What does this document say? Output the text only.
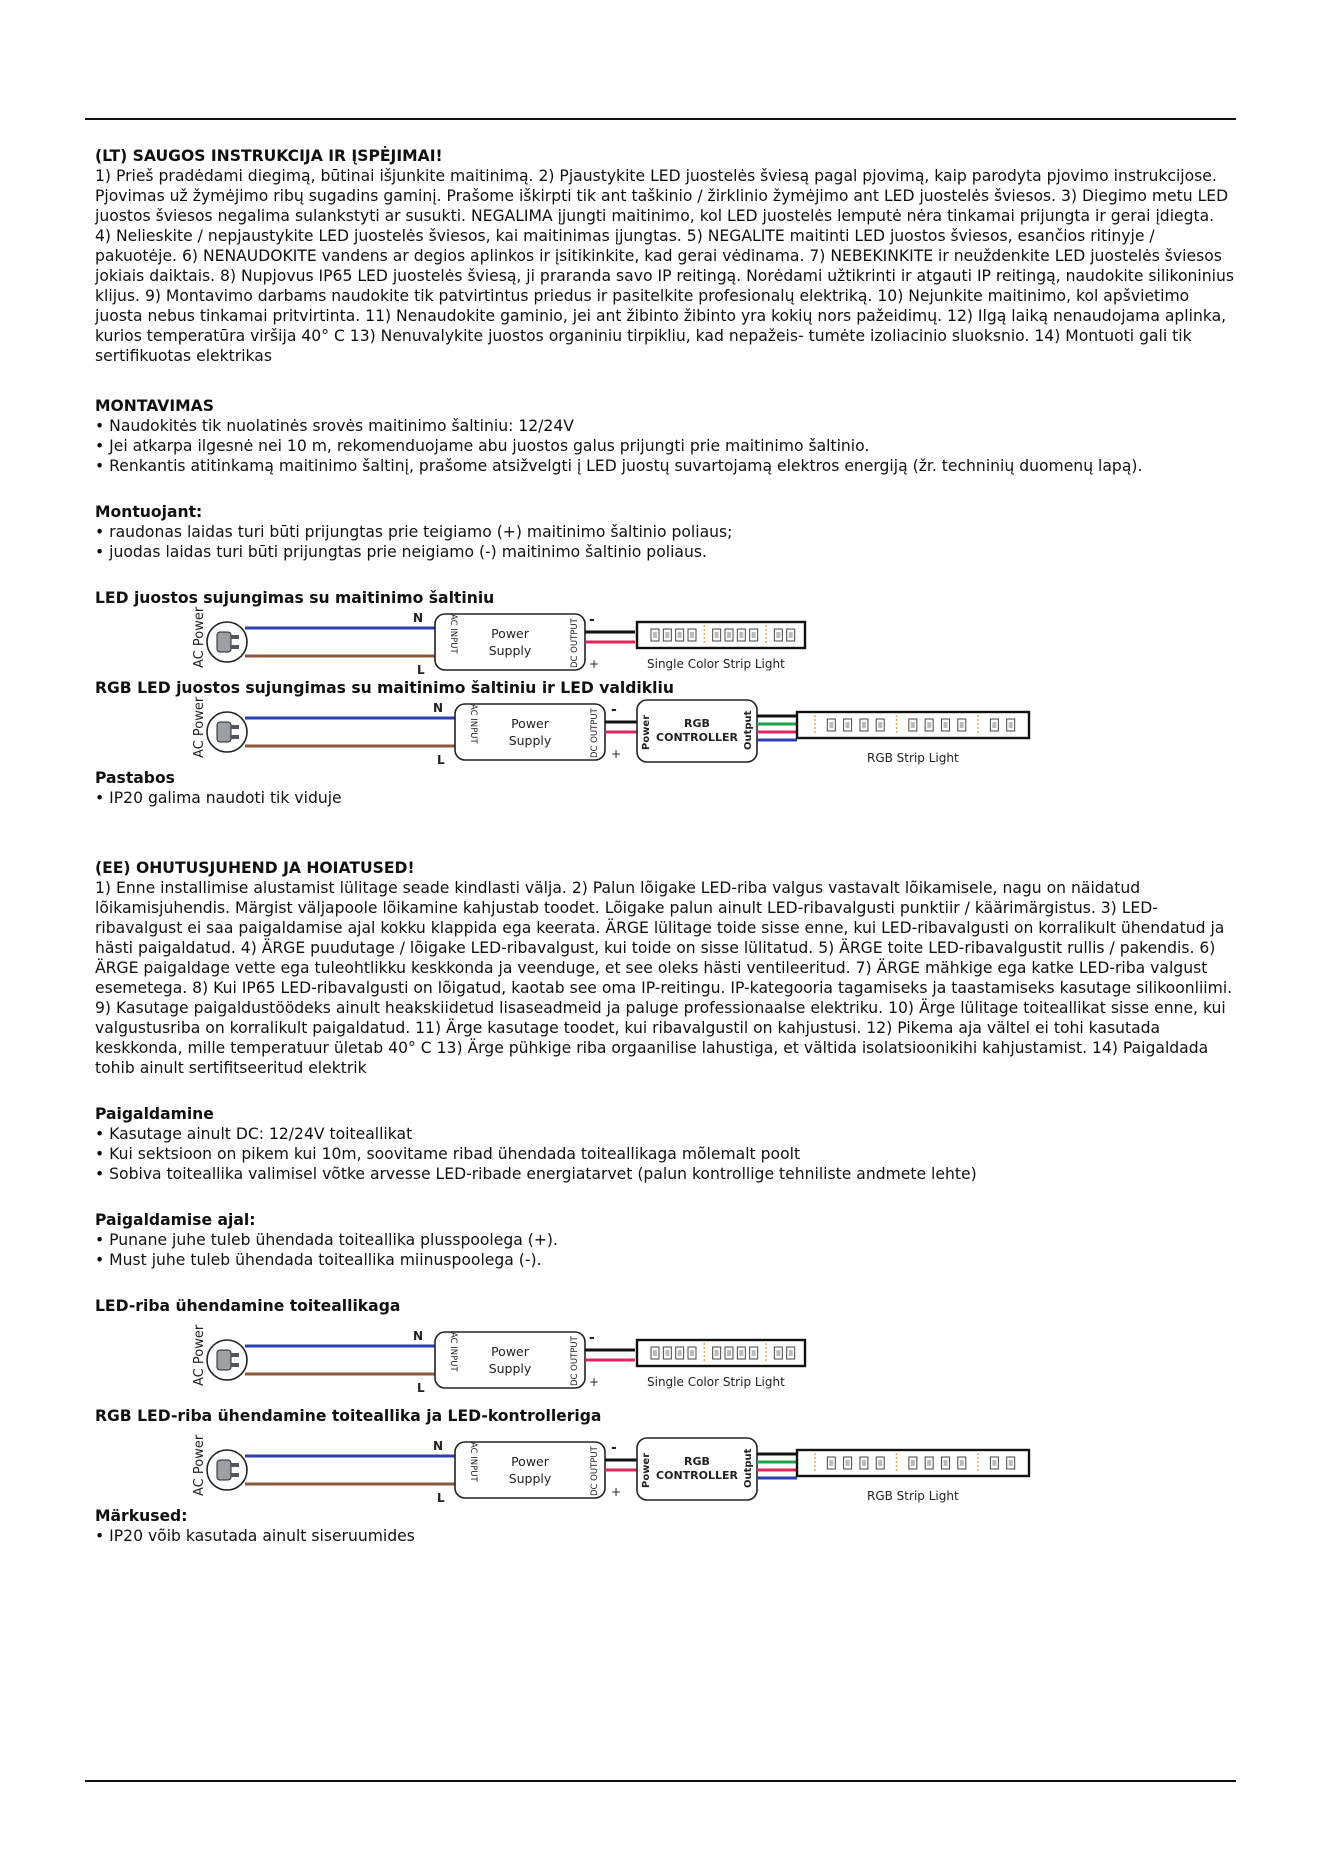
(LT) SAUGOS INSTRUKCIJA IR ĮSPĖJIMAI!

1) Prieš pradėdami diegimą, būtinai išjunkite maitinimą. 2) Pjaustykite LED juostelės šviesą pagal pjovimą, kaip parodyta pjovimo instrukcijose. Pjovimas už žymėjimo ribų sugadins gaminį. Prašome iškirpti tik ant taškinio / žirklinio žymėjimo ant LED juostelės šviesos. 3) Diegimo metu LED juostos šviesos negalima sulankstyti ar susukti. NEGALIMA įjungti maitinimo, kol LED juostelės lemputė nėra tinkamai prijungta ir gerai įdiegta. 4) Nelieskite / nepjaustykite LED juostelės šviesos, kai maitinimas įjungtas. 5) NEGALITE maitinti LED juostos šviesos, esančios ritinyje / pakuotėje. 6) NENAUDOKITE vandens ar degios aplinkos ir įsitikinkite, kad gerai vėdinama. 7) NEBEKINKITE ir neuždenkite LED juostelės šviesos jokiais daiktais. 8) Nupjovus IP65 LED juostelės šviesą, ji praranda savo IP reitingą. Norėdami užtikrinti ir atgauti IP reitingą, naudokite silikoninius klijus. 9) Montavimo darbams naudokite tik patvirtintus priedus ir pasitelkite profesionalų elektriką. 10) Nejunkite maitinimo, kol apšvietimo juosta nebus tinkamai pritvirtinta. 11) Nenaudokite gaminio, jei ant žibinto žibinto yra kokių nors pažeidimų. 12) Ilgą laiką nenaudojama aplinka, kurios temperatūra viršija 40° C 13) Nenuvalykite juostos organiniu tirpikliu, kad nepažeis- tumėte izoliacinio sluoksnio. 14) Montuoti gali tik sertifikuotas elektrikas

MONTAVIMAS

• Naudokitės tik nuolatinės srovės maitinimo šaltiniu: 12/24V
• Jei atkarpa ilgesnė nei 10 m, rekomenduojame abu juostos galus prijungti prie maitinimo šaltinio.
• Renkantis atitinkamą maitinimo šaltinį, prašome atsižvelgti į LED juostų suvartojamą elektros energiją (žr. techninių duomenų lapą).

Montuojant:

• raudonas laidas turi būti prijungtas prie teigiamo (+) maitinimo šaltinio poliaus;
• juodas laidas turi būti prijungtas prie neigiamo (-) maitinimo šaltinio poliaus.

LED juostos sujungimas su maitinimo šaltiniu

AC Power	N
L
AC INPUT	Power
Supply	DC OUTPUT -
+	Single Color Strip Light

RGB LED juostos sujungimas su maitinimo šaltiniu ir LED valdikliu

AC Power	N
L
AC INPUT	Power
Supply	DC OUTPUT -
+
Power	RGB
CONTROLLER Output
RGB Strip Light

Pastabos

• IP20 galima naudoti tik viduje

(EE) OHUTUSJUHEND JA HOIATUSED!

1) Enne installimise alustamist lülitage seade kindlasti välja. 2) Palun lõigake LED-riba valgus vastavalt lõikamisele, nagu on näidatud lõikamisjuhendis. Märgist väljapoole lõikamine kahjustab toodet. Lõigake palun ainult LED-ribavalgusti punktiir / käärimärgistus. 3) LED-ribavalgust ei saa paigaldamise ajal kokku klappida ega keerata. ÄRGE lülitage toide sisse enne, kui LED-ribavalgusti on korralikult ühendatud ja hästi paigaldatud. 4) ÄRGE puudutage / lõigake LED-ribavalgust, kui toide on sisse lülitatud. 5) ÄRGE toite LED-ribavalgustit rullis / pakendis. 6) ÄRGE paigaldage vette ega tuleohtlikku keskkonda ja veenduge, et see oleks hästi ventileeritud. 7) ÄRGE mähkige ega katke LED-riba valgust esemetega. 8) Kui IP65 LED-ribavalgusti on lõigatud, kaotab see oma IP-reitingu. IP-kategooria tagamiseks ja taastamiseks kasutage silikoonliimi. 9) Kasutage paigaldustöödeks ainult heakskiidetud lisaseadmeid ja paluge professionaalse elektriku. 10) Ärge lülitage toiteallikat sisse enne, kui valgustusriba on korralikult paigaldatud. 11) Ärge kasutage toodet, kui ribavalgustil on kahjustusi. 12) Pikema aja vältel ei tohi kasutada keskkonda, mille temperatuur ületab 40° C 13) Ärge pühkige riba orgaanilise lahustiga, et vältida isolatsioonikihi kahjustamist. 14) Paigaldada tohib ainult sertifitseeritud elektrik

Paigaldamine

• Kasutage ainult DC: 12/24V toiteallikat
• Kui sektsioon on pikem kui 10m, soovitame ribad ühendada toiteallikaga mõlemalt poolt
• Sobiva toiteallika valimisel võtke arvesse LED-ribade energiatarvet (palun kontrollige tehniliste andmete lehte)

Paigaldamise ajal:

• Punane juhe tuleb ühendada toiteallika plusspoolega (+).
• Must juhe tuleb ühendada toiteallika miinuspoolega (-).

LED-riba ühendamine toiteallikaga

AC Power	N
L
AC INPUT	Power
Supply	DC OUTPUT -
+	Single Color Strip Light

RGB LED-riba ühendamine toiteallika ja LED-kontrolleriga

AC Power	N
L
AC INPUT	Power
Supply	DC OUTPUT -
+
Power	RGB
CONTROLLER Output
RGB Strip Light

Märkused:

• IP20 võib kasutada ainult siseruumides
